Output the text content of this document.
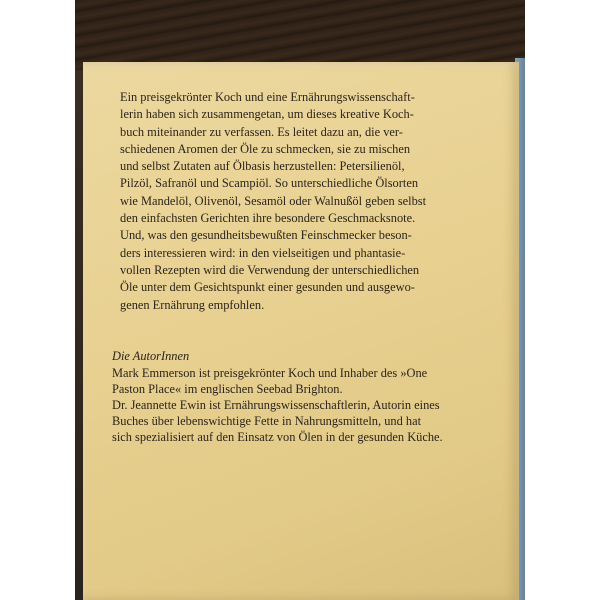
Ein preisgekrönter Koch und eine Ernährungswissenschaft-
lerin haben sich zusammengetan, um dieses kreative Koch-
buch miteinander zu verfassen. Es leitet dazu an, die ver-
schiedenen Aromen der Öle zu schmecken, sie zu mischen
und selbst Zutaten auf Ölbasis herzustellen: Petersilienöl,
Pilzöl, Safranöl und Scampiöl. So unterschiedliche Ölsorten
wie Mandelöl, Olivenöl, Sesamöl oder Walnußöl geben selbst
den einfachsten Gerichten ihre besondere Geschmacksnote.
Und, was den gesundheitsbewußten Feinschmecker beson-
ders interessieren wird: in den vielseitigen und phantasie-
vollen Rezepten wird die Verwendung der unterschiedlichen
Öle unter dem Gesichtspunkt einer gesunden und ausgewo-
genen Ernährung empfohlen.

Die AutorInnen

Mark Emmerson ist preisgekrönter Koch und Inhaber des »One
Paston Place« im englischen Seebad Brighton.
Dr. Jeannette Ewin ist Ernährungswissenschaftlerin, Autorin eines
Buches über lebenswichtige Fette in Nahrungsmitteln, und hat
sich spezialisiert auf den Einsatz von Ölen in der gesunden Küche.
